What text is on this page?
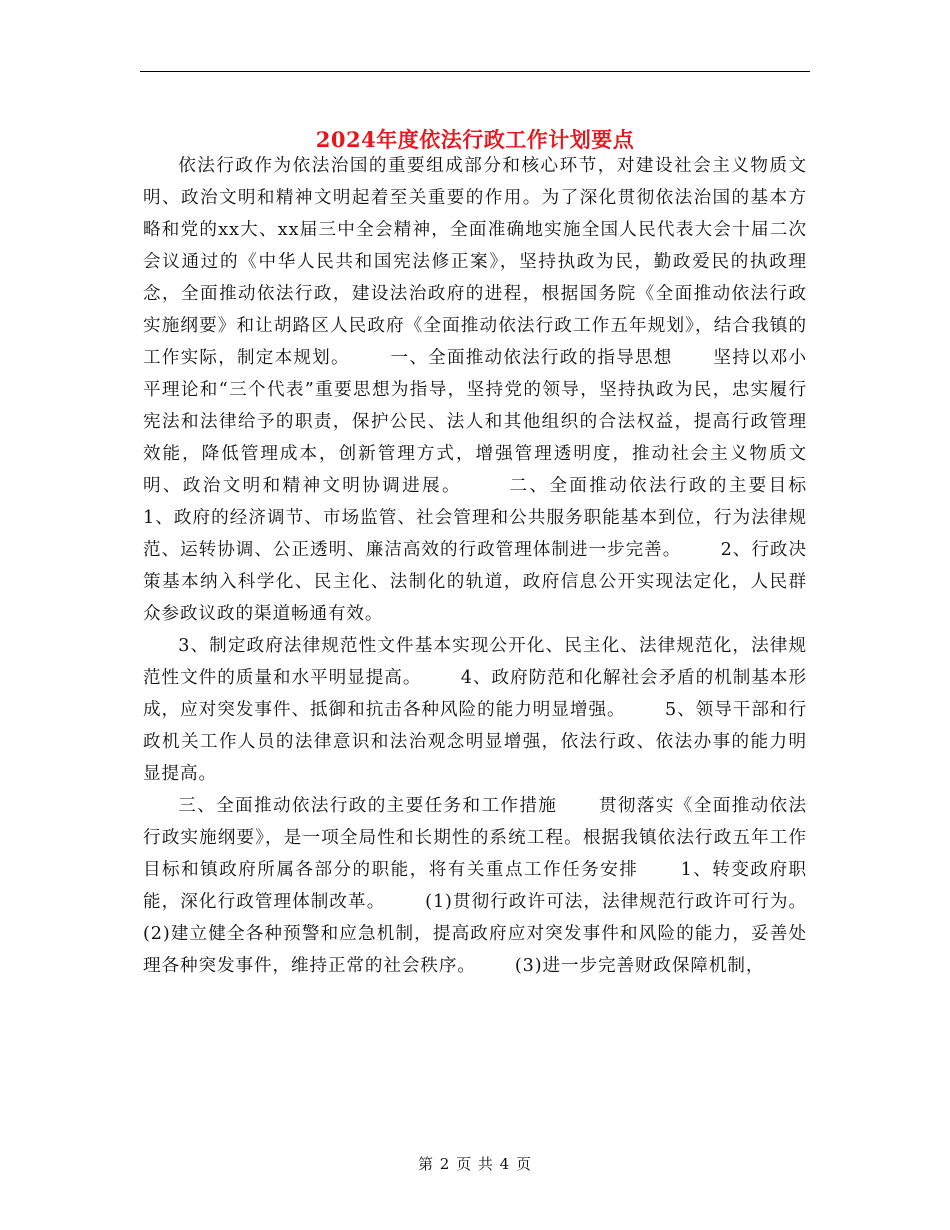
2024年度依法行政工作计划要点

依法行政作为依法治国的重要组成部分和核心环节，对建设社会主义物质文明、政治文明和精神文明起着至关重要的作用。为了深化贯彻依法治国的基本方略和党的xx大、xx届三中全会精神，全面准确地实施全国人民代表大会十届二次会议通过的《中华人民共和国宪法修正案》，坚持执政为民，勤政爱民的执政理念，全面推动依法行政，建设法治政府的进程，根据国务院《全面推动依法行政实施纲要》和让胡路区人民政府《全面推动依法行政工作五年规划》，结合我镇的工作实际，制定本规划。      一、全面推动依法行政的指导思想      坚持以邓小平理论和“三个代表”重要思想为指导，坚持党的领导，坚持执政为民，忠实履行宪法和法律给予的职责，保护公民、法人和其他组织的合法权益，提高行政管理效能，降低管理成本，创新管理方式，增强管理透明度，推动社会主义物质文明、政治文明和精神文明协调进展。      二、全面推动依法行政的主要目标      1、政府的经济调节、市场监管、社会管理和公共服务职能基本到位，行为法律规范、运转协调、公正透明、廉洁高效的行政管理体制进一步完善。      2、行政决策基本纳入科学化、民主化、法制化的轨道，政府信息公开实现法定化，人民群众参政议政的渠道畅通有效。

3、制定政府法律规范性文件基本实现公开化、民主化、法律规范化，法律规范性文件的质量和水平明显提高。      4、政府防范和化解社会矛盾的机制基本形成，应对突发事件、抵御和抗击各种风险的能力明显增强。      5、领导干部和行政机关工作人员的法律意识和法治观念明显增强，依法行政、依法办事的能力明显提高。

三、全面推动依法行政的主要任务和工作措施      贯彻落实《全面推动依法行政实施纲要》，是一项全局性和长期性的系统工程。根据我镇依法行政五年工作目标和镇政府所属各部分的职能，将有关重点工作任务安排      1、转变政府职能，深化行政管理体制改革。      (1)贯彻行政许可法，法律规范行政许可行为。      (2)建立健全各种预警和应急机制，提高政府应对突发事件和风险的能力，妥善处理各种突发事件，维持正常的社会秩序。      (3)进一步完善财政保障机制，

第 2 页 共 4 页
